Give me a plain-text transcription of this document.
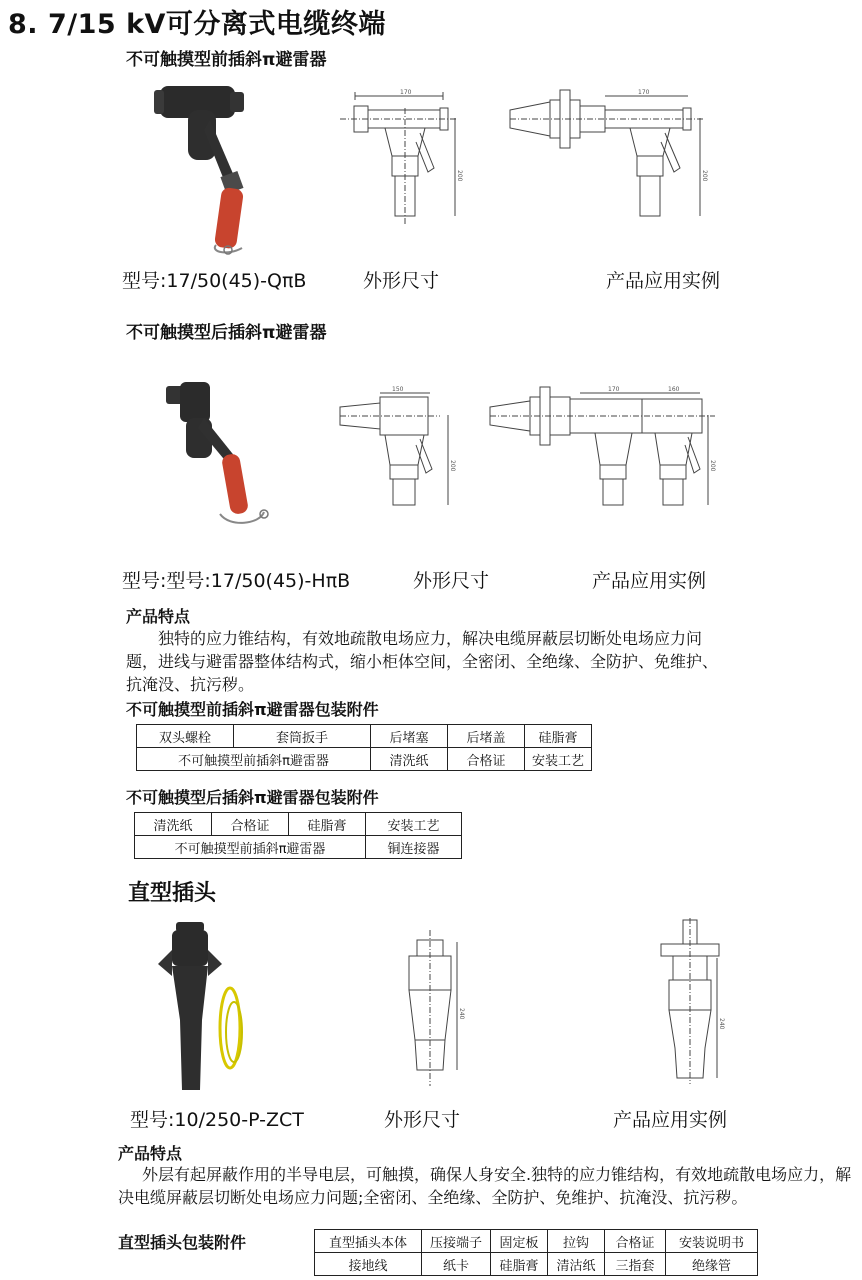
8. 7/15 kV可分离式电缆终端
不可触摸型前插斜π避雷器
170
200
170
200
型号:17/50(45)-QπB	外形尺寸	产品应用实例
不可触摸型后插斜π避雷器
150
200
170	160
200
型号:型号:17/50(45)-HπB	外形尺寸	产品应用实例
产品特点
独特的应力锥结构，有效地疏散电场应力，解决电缆屏蔽层切断处电场应力问题，进线与避雷器整体结构式，缩小柜体空间，全密闭、全绝缘、全防护、免维护、抗淹没、抗污秽。
不可触摸型前插斜π避雷器包装附件
双头螺栓	套筒扳手	后堵塞	后堵盖	硅脂膏
不可触摸型前插斜π避雷器		清洗纸	合格证	安装工艺
不可触摸型后插斜π避雷器包装附件
清洗纸	合格证	硅脂膏	安装工艺
不可触摸型前插斜π避雷器			铜连接器
直型插头
240
240
型号:10/250-P-ZCT	外形尺寸	产品应用实例
产品特点
外层有起屏蔽作用的半导电层，可触摸，确保人身安全.独特的应力锥结构，有效地疏散电场应力，解决电缆屏蔽层切断处电场应力问题;全密闭、全绝缘、全防护、免维护、抗淹没、抗污秽。
直型插头包装附件	直型插头本体	压接端子	固定板	拉钩	合格证	安装说明书
接地线	纸卡	硅脂膏	清沽纸	三指套	绝缘管
